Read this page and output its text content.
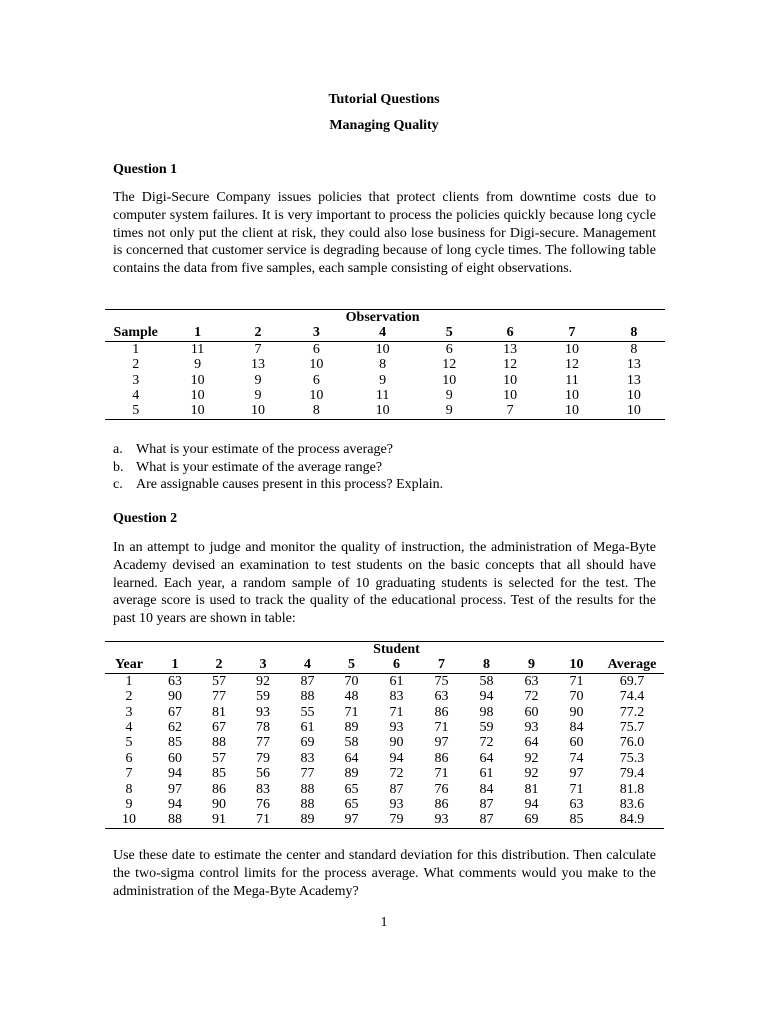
Tutorial Questions
Managing Quality
Question 1
The Digi-Secure Company issues policies that protect clients from downtime costs due to computer system failures. It is very important to process the policies quickly because long cycle times not only put the client at risk, they could also lose business for Digi-secure. Management is concerned that customer service is degrading because of long cycle times. The following table contains the data from five samples, each sample consisting of eight observations.
				Observation				
Sample	1	2	3	4	5	6	7	8
1	11	7	6	10	6	13	10	8
2	9	13	10	8	12	12	12	13
3	10	9	6	9	10	10	11	13
4	10	9	10	11	9	10	10	10
5	10	10	8	10	9	7	10	10
a. What is your estimate of the process average?
b. What is your estimate of the average range?
c. Are assignable causes present in this process? Explain.
Question 2
In an attempt to judge and monitor the quality of instruction, the administration of Mega-Byte Academy devised an examination to test students on the basic concepts that all should have learned. Each year, a random sample of 10 graduating students is selected for the test. The average score is used to track the quality of the educational process. Test of the results for the past 10 years are shown in table:
						Student					
Year	1	2	3	4	5	6	7	8	9	10	Average
1	63	57	92	87	70	61	75	58	63	71	69.7
2	90	77	59	88	48	83	63	94	72	70	74.4
3	67	81	93	55	71	71	86	98	60	90	77.2
4	62	67	78	61	89	93	71	59	93	84	75.7
5	85	88	77	69	58	90	97	72	64	60	76.0
6	60	57	79	83	64	94	86	64	92	74	75.3
7	94	85	56	77	89	72	71	61	92	97	79.4
8	97	86	83	88	65	87	76	84	81	71	81.8
9	94	90	76	88	65	93	86	87	94	63	83.6
10	88	91	71	89	97	79	93	87	69	85	84.9
Use these date to estimate the center and standard deviation for this distribution. Then calculate the two-sigma control limits for the process average. What comments would you make to the administration of the Mega-Byte Academy?
1
